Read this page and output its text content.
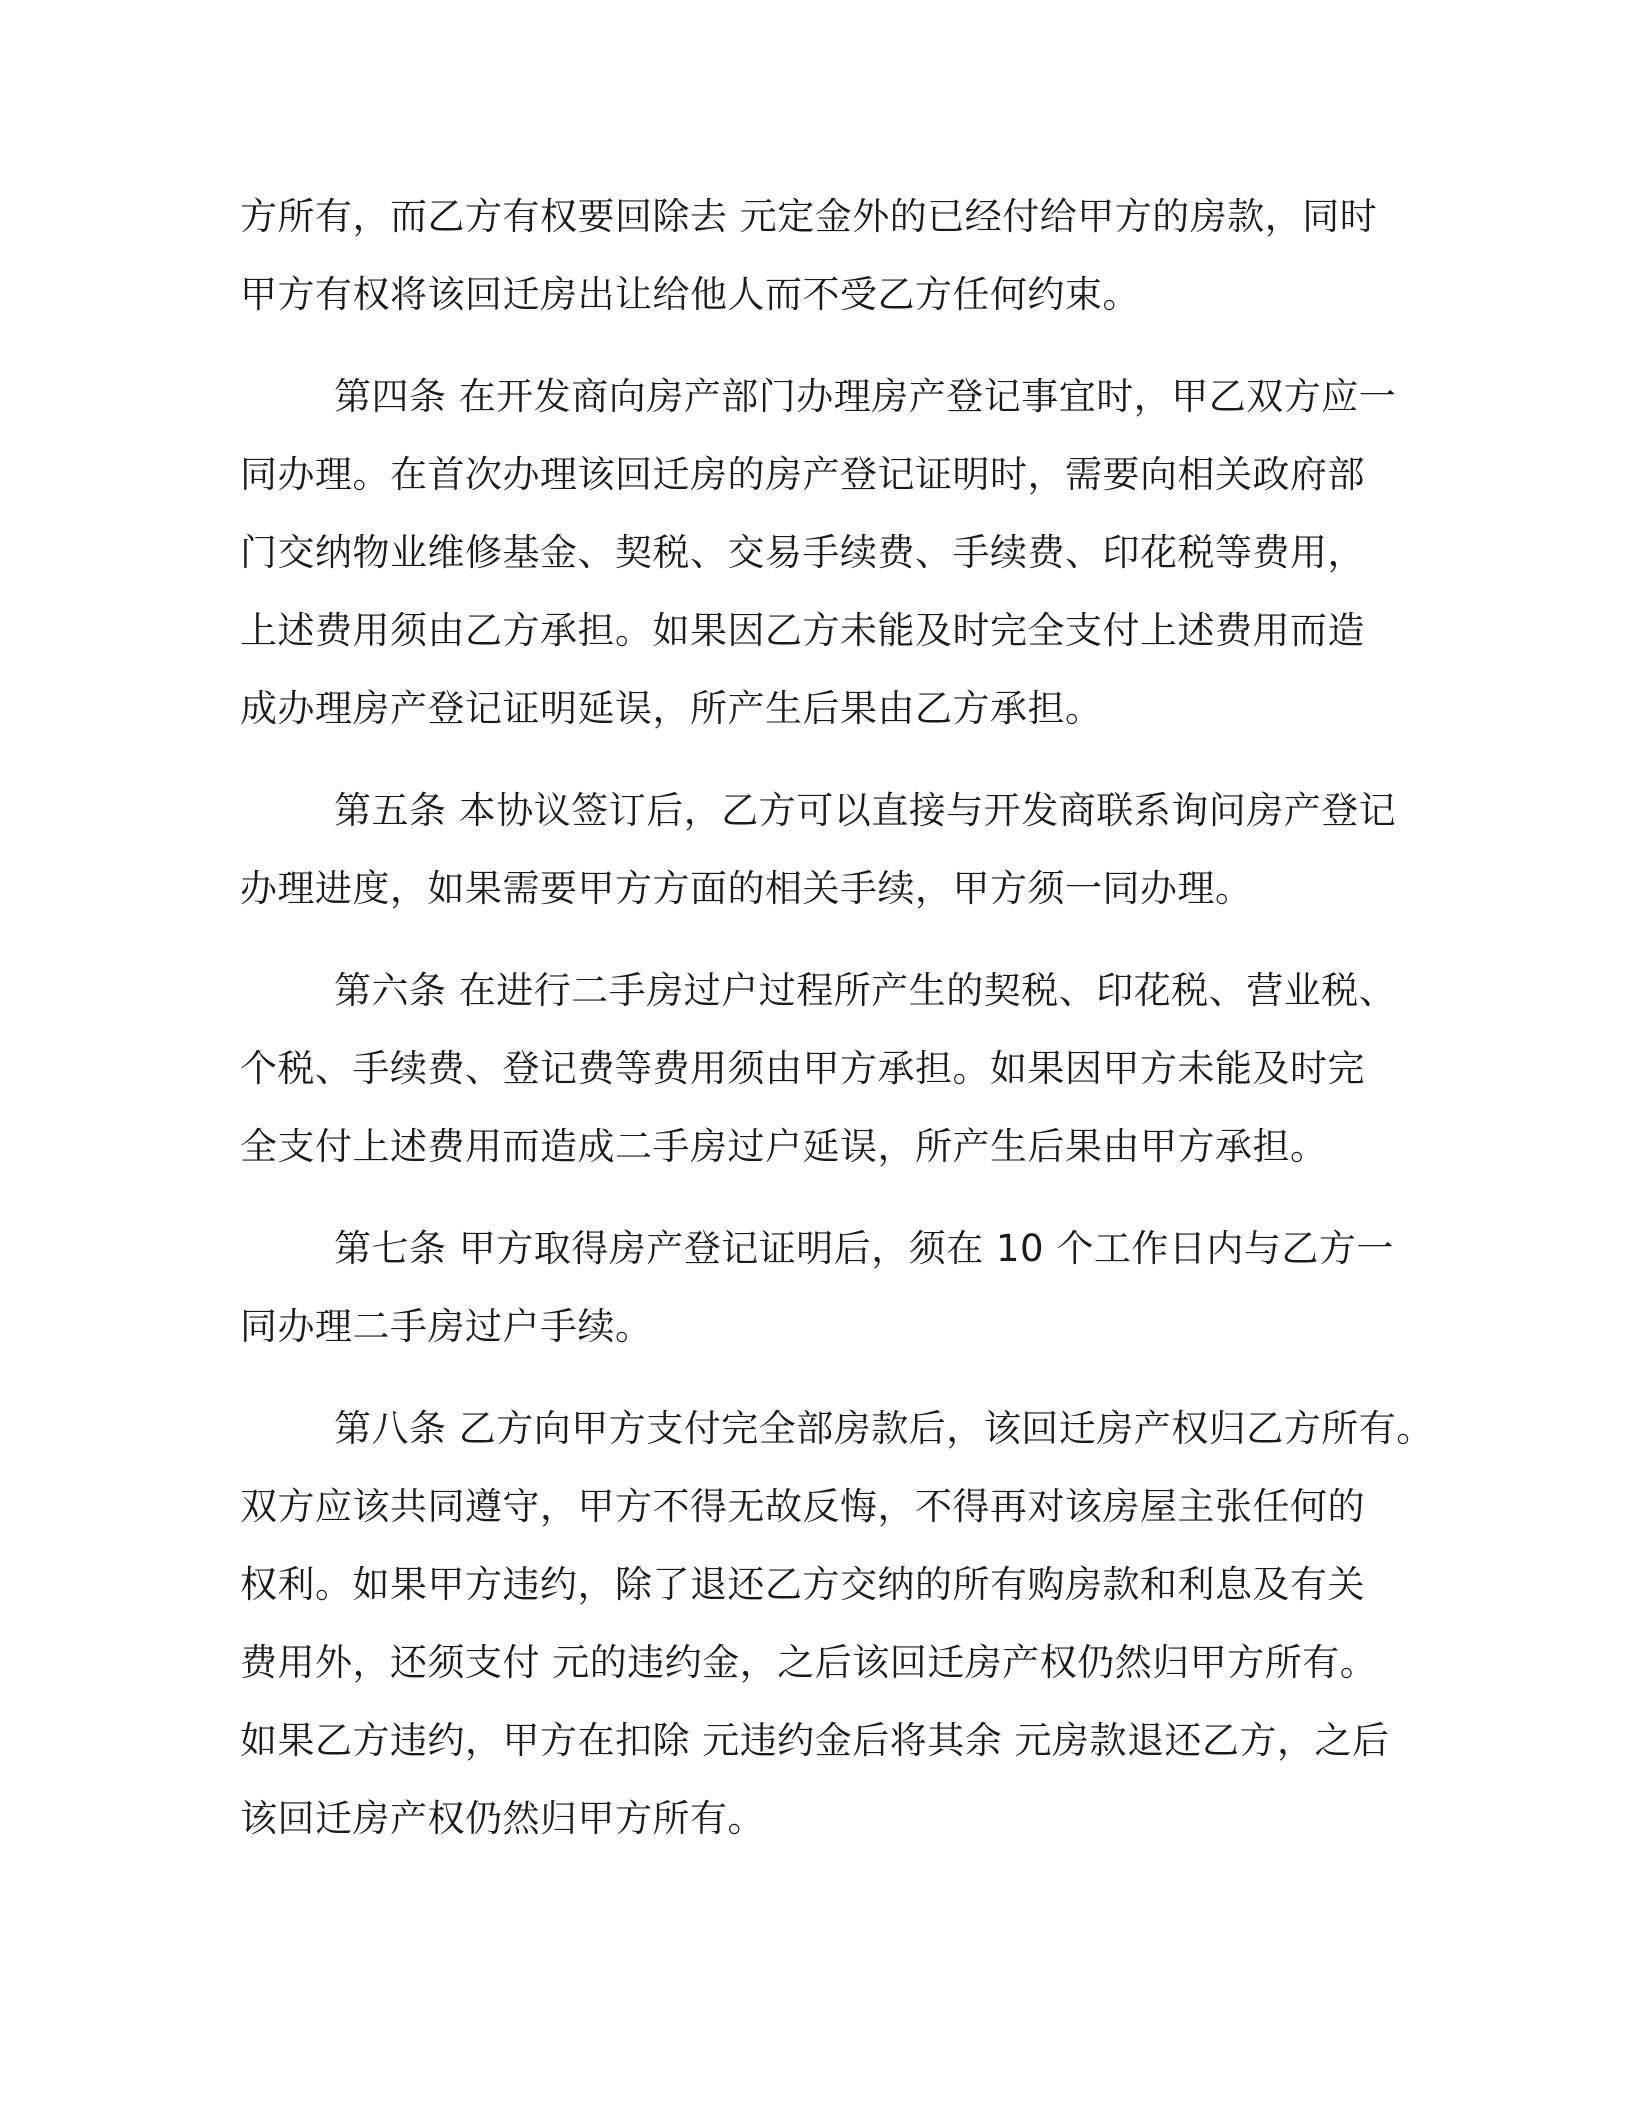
方所有，而乙方有权要回除去 元定金外的已经付给甲方的房款，同时
甲方有权将该回迁房出让给他人而不受乙方任何约束。
第四条 在开发商向房产部门办理房产登记事宜时，甲乙双方应一
同办理。在首次办理该回迁房的房产登记证明时，需要向相关政府部
门交纳物业维修基金、契税、交易手续费、手续费、印花税等费用，
上述费用须由乙方承担。如果因乙方未能及时完全支付上述费用而造
成办理房产登记证明延误，所产生后果由乙方承担。
第五条 本协议签订后，乙方可以直接与开发商联系询问房产登记
办理进度，如果需要甲方方面的相关手续，甲方须一同办理。
第六条 在进行二手房过户过程所产生的契税、印花税、营业税、
个税、手续费、登记费等费用须由甲方承担。如果因甲方未能及时完
全支付上述费用而造成二手房过户延误，所产生后果由甲方承担。
第七条 甲方取得房产登记证明后，须在 10 个工作日内与乙方一
同办理二手房过户手续。
第八条 乙方向甲方支付完全部房款后，该回迁房产权归乙方所有。
双方应该共同遵守，甲方不得无故反悔，不得再对该房屋主张任何的
权利。如果甲方违约，除了退还乙方交纳的所有购房款和利息及有关
费用外，还须支付 元的违约金，之后该回迁房产权仍然归甲方所有。
如果乙方违约，甲方在扣除 元违约金后将其余 元房款退还乙方，之后
该回迁房产权仍然归甲方所有。
